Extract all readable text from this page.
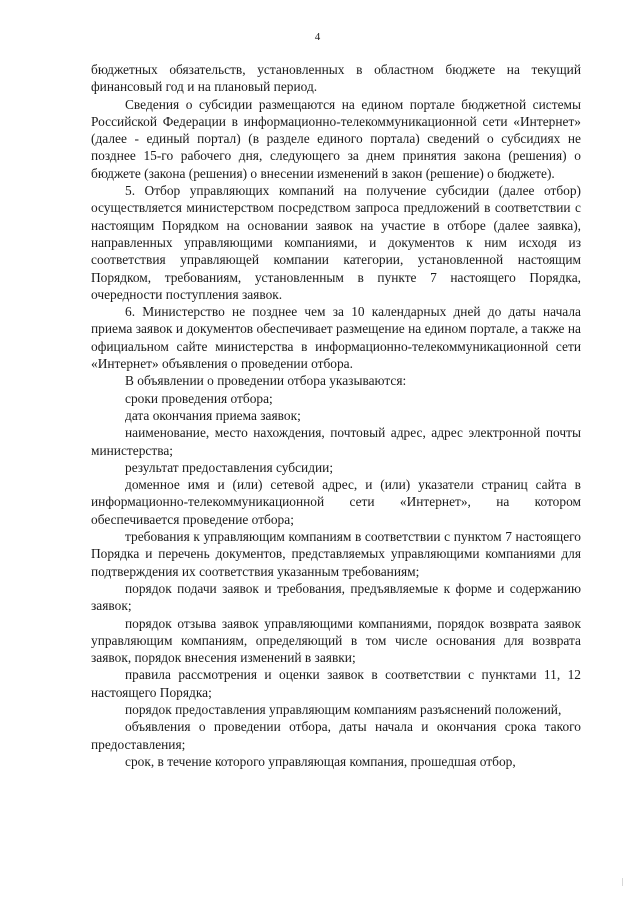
4

бюджетных обязательств, установленных в областном бюджете на текущий финансовый год и на плановый период.

Сведения о субсидии размещаются на едином портале бюджетной системы Российской Федерации в информационно-телекоммуникационной сети «Интернет» (далее - единый портал) (в разделе единого портала) сведений о субсидиях не позднее 15-го рабочего дня, следующего за днем принятия закона (решения) о бюджете (закона (решения) о внесении изменений в закон (решение) о бюджете).

5. Отбор управляющих компаний на получение субсидии (далее отбор) осуществляется министерством посредством запроса предложений в соответствии с настоящим Порядком на основании заявок на участие в отборе (далее заявка), направленных управляющими компаниями, и документов к ним исходя из соответствия управляющей компании категории, установленной настоящим Порядком, требованиям, установленным в пункте 7 настоящего Порядка, очередности поступления заявок.

6. Министерство не позднее чем за 10 календарных дней до даты начала приема заявок и документов обеспечивает размещение на едином портале, а также на официальном сайте министерства в информационно-телекоммуникационной сети «Интернет» объявления о проведении отбора.

В объявлении о проведении отбора указываются:

сроки проведения отбора;

дата окончания приема заявок;

наименование, место нахождения, почтовый адрес, адрес электронной почты министерства;

результат предоставления субсидии;

доменное имя и (или) сетевой адрес, и (или) указатели страниц сайта в информационно-телекоммуникационной сети «Интернет», на котором обеспечивается проведение отбора;

требования к управляющим компаниям в соответствии с пунктом 7 настоящего Порядка и перечень документов, представляемых управляющими компаниями для подтверждения их соответствия указанным требованиям;

порядок подачи заявок и требования, предъявляемые к форме и содержанию заявок;

порядок отзыва заявок управляющими компаниями, порядок возврата заявок управляющим компаниям, определяющий в том числе основания для возврата заявок, порядок внесения изменений в заявки;

правила рассмотрения и оценки заявок в соответствии с пунктами 11, 12 настоящего Порядка;

порядок предоставления управляющим компаниям разъяснений положений,

объявления о проведении отбора, даты начала и окончания срока такого предоставления;

срок, в течение которого управляющая компания, прошедшая отбор,
